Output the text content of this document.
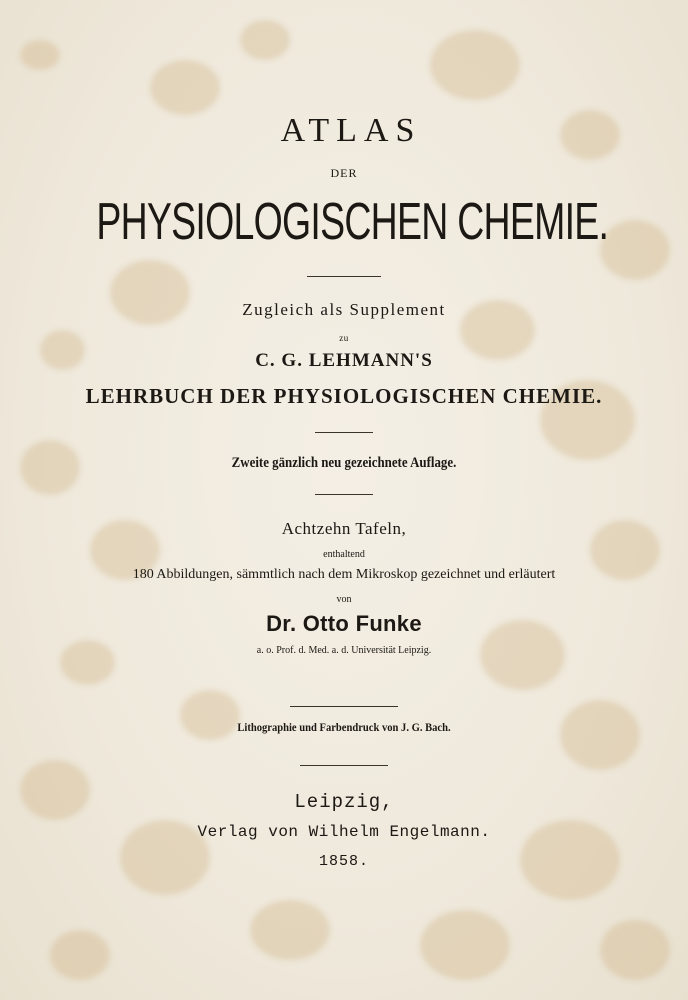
ATLAS
DER
PHYSIOLOGISCHEN CHEMIE.
Zugleich als Supplement
zu
C. G. LEHMANN'S
LEHRBUCH DER PHYSIOLOGISCHEN CHEMIE.
Zweite gänzlich neu gezeichnete Auflage.
Achtzehn Tafeln,
enthaltend
180 Abbildungen, sämmtlich nach dem Mikroskop gezeichnet und erläutert
von
Dr. Otto Funke
a. o. Prof. d. Med. a. d. Universität Leipzig.
Lithographie und Farbendruck von J. G. Bach.
Leipzig,
Verlag von Wilhelm Engelmann.
1858.
